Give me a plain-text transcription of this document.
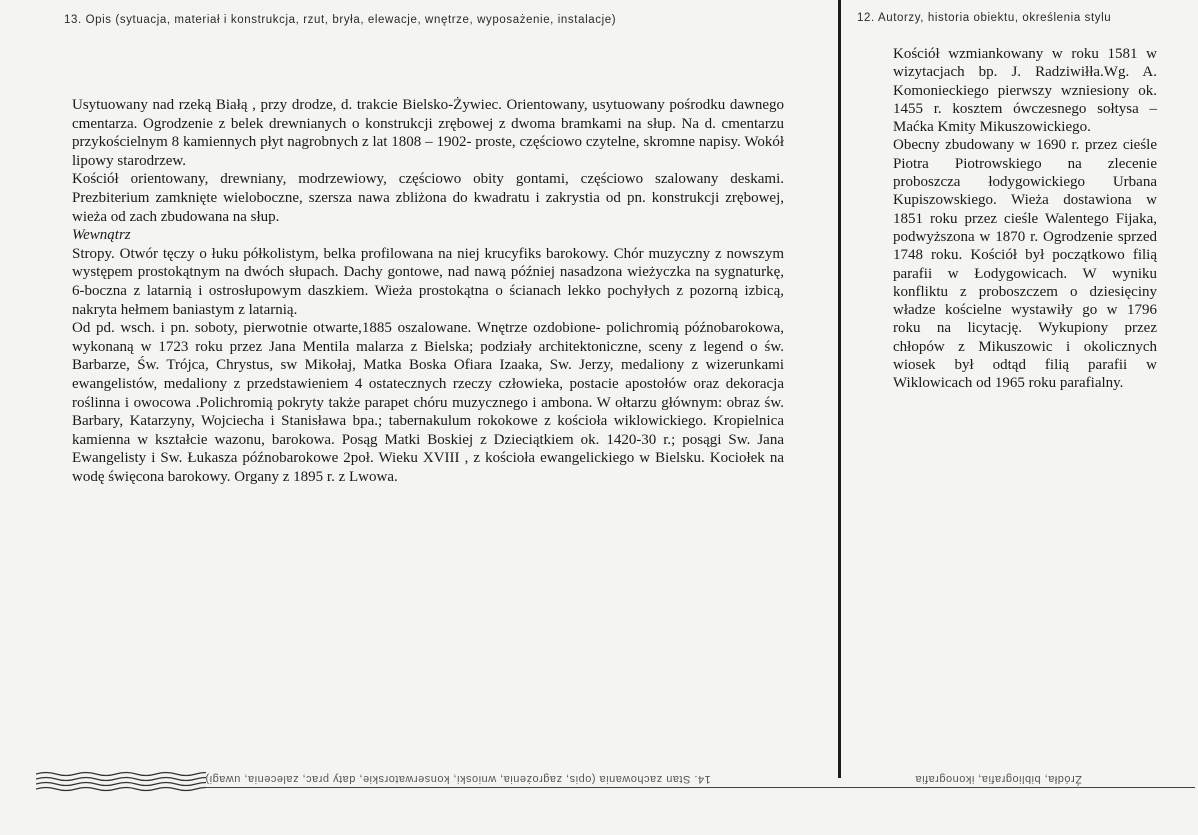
13. Opis (sytuacja, materiał i konstrukcja, rzut, bryła, elewacje, wnętrze, wyposażenie, instalacje)	12. Autorzy, historia obiektu, określenia stylu

Usytuowany nad rzeką Białą , przy drodze, d. trakcie Bielsko-Żywiec. Orientowany, usytuowany pośrodku dawnego cmentarza. Ogrodzenie z belek drewnianych o konstrukcji zrębowej z dwoma bramkami na słup. Na d. cmentarzu przykościelnym 8 kamiennych płyt nagrobnych z lat 1808 – 1902- proste, częściowo czytelne, skromne napisy. Wokół lipowy starodrzew.

Kościół orientowany, drewniany, modrzewiowy, częściowo obity gontami, częściowo szalowany deskami. Prezbiterium zamknięte wieloboczne, szersza nawa zbliżona do kwadratu i zakrystia od pn. konstrukcji zrębowej, wieża od zach zbudowana na słup.

Wewnątrz

Stropy. Otwór tęczy o łuku półkolistym, belka profilowana na niej krucyfiks barokowy. Chór muzyczny z nowszym występem prostokątnym na dwóch słupach. Dachy gontowe, nad nawą później nasadzona wieżyczka na sygnaturkę, 6-boczna z latarnią i ostrosłupowym daszkiem. Wieża prostokątna o ścianach lekko pochyłych z pozorną izbicą, nakryta hełmem baniastym z latarnią.

Od pd. wsch. i pn. soboty, pierwotnie otwarte,1885 oszalowane. Wnętrze ozdobione- polichromią późnobarokowa, wykonaną w 1723 roku przez Jana Mentila malarza z Bielska; podziały architektoniczne, sceny z legend o św. Barbarze, Św. Trójca, Chrystus, sw Mikołaj, Matka Boska Ofiara Izaaka, Sw. Jerzy, medaliony z wizerunkami ewangelistów, medaliony z przedstawieniem 4 ostatecznych rzeczy człowieka, postacie apostołów oraz dekoracja roślinna i owocowa .Polichromią pokryty także parapet chóru muzycznego i ambona. W ołtarzu głównym: obraz św. Barbary, Katarzyny, Wojciecha i Stanisława bpa.; tabernakulum rokokowe z kościoła wiklowickiego. Kropielnica kamienna w kształcie wazonu, barokowa. Posąg Matki Boskiej z Dzieciątkiem ok. 1420-30 r.; posągi Sw. Jana Ewangelisty i Sw. Łukasza późnobarokowe 2poł. Wieku XVIII , z kościoła ewangelickiego w Bielsku. Kociołek na wodę święcona barokowy. Organy z 1895 r. z Lwowa.

Kościół wzmiankowany w roku 1581 w wizytacjach bp. J. Radziwiłła.Wg. A. Komonieckiego pierwszy wzniesiony ok. 1455 r. kosztem ówczesnego sołtysa –Maćka Kmity Mikuszowickiego.

Obecny zbudowany w 1690 r. przez cieśle Piotra Piotrowskiego na zlecenie proboszcza łodygowickiego Urbana Kupiszowskiego. Wieża dostawiona w 1851 roku przez cieśle Walentego Fijaka, podwyższona w 1870 r. Ogrodzenie sprzed 1748 roku. Kościół był początkowo filią parafii w Łodygowicach. W wyniku konfliktu z proboszczem o dziesięciny władze kościelne wystawiły go w 1796 roku na licytację. Wykupiony przez chłopów z Mikuszowic i okolicznych wiosek był odtąd filią parafii w Wiklowicach od 1965 roku parafialny.

14. Stan zachowania (opis, zagrożenia, wnioski, konserwatorskie, daty prac, zalecenia, uwagi)	Źródła, bibliografia, ikonografia
